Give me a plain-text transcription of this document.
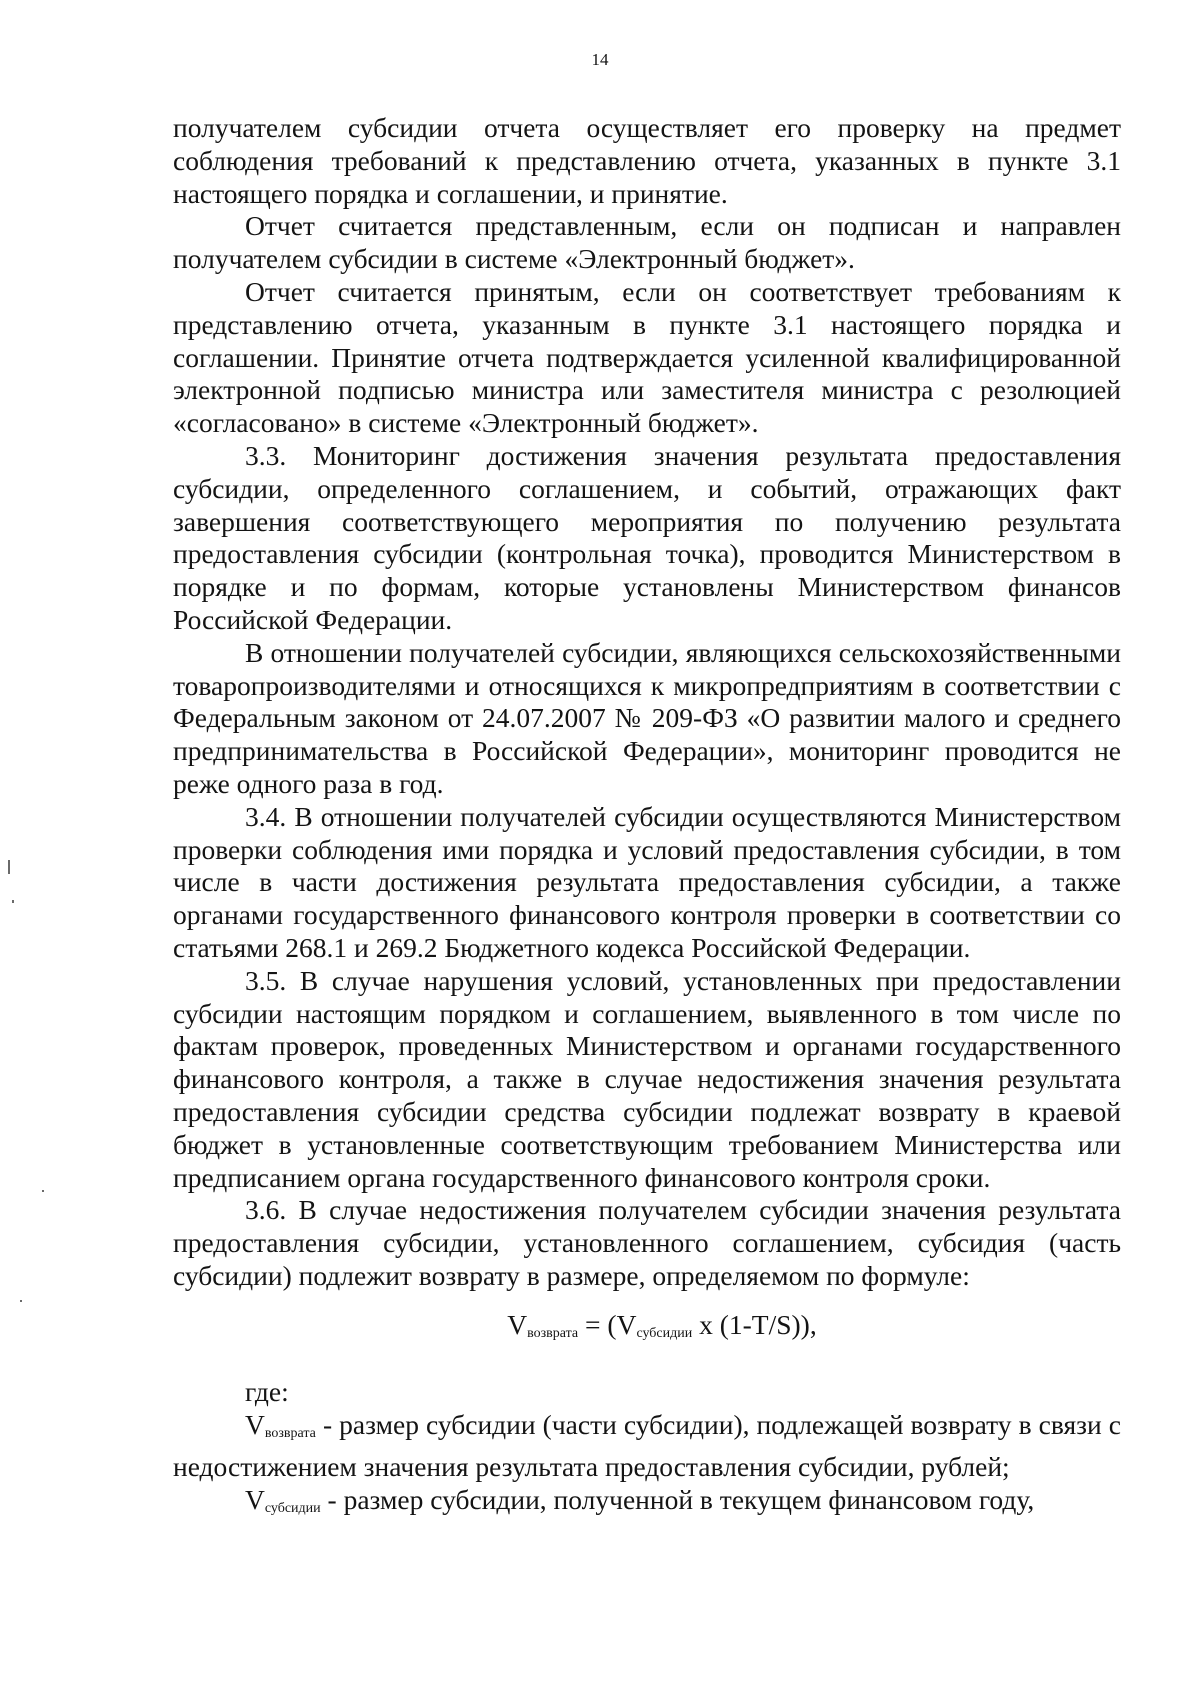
14

получателем субсидии отчета осуществляет его проверку на предмет соблюдения требований к представлению отчета, указанных в пункте 3.1 настоящего порядка и соглашении, и принятие.

Отчет считается представленным, если он подписан и направлен получателем субсидии в системе «Электронный бюджет».

Отчет считается принятым, если он соответствует требованиям к представлению отчета, указанным в пункте 3.1 настоящего порядка и соглашении. Принятие отчета подтверждается усиленной квалифицированной электронной подписью министра или заместителя министра с резолюцией «согласовано» в системе «Электронный бюджет».

3.3. Мониторинг достижения значения результата предоставления субсидии, определенного соглашением, и событий, отражающих факт завершения соответствующего мероприятия по получению результата предоставления субсидии (контрольная точка), проводится Министерством в порядке и по формам, которые установлены Министерством финансов Российской Федерации.

В отношении получателей субсидии, являющихся сельскохозяйственными товаропроизводителями и относящихся к микропредприятиям в соответствии с Федеральным законом от 24.07.2007 № 209-ФЗ «О развитии малого и среднего предпринимательства в Российской Федерации», мониторинг проводится не реже одного раза в год.

3.4. В отношении получателей субсидии осуществляются Министерством проверки соблюдения ими порядка и условий предоставления субсидии, в том числе в части достижения результата предоставления субсидии, а также органами государственного финансового контроля проверки в соответствии со статьями 268.1 и 269.2 Бюджетного кодекса Российской Федерации.

3.5. В случае нарушения условий, установленных при предоставлении субсидии настоящим порядком и соглашением, выявленного в том числе по фактам проверок, проведенных Министерством и органами государственного финансового контроля, а также в случае недостижения значения результата предоставления субсидии средства субсидии подлежат возврату в краевой бюджет в установленные соответствующим требованием Министерства или предписанием органа государственного финансового контроля сроки.

3.6. В случае недостижения получателем субсидии значения результата предоставления субсидии, установленного соглашением, субсидия (часть субсидии) подлежит возврату в размере, определяемом по формуле:

$V_{возврата} = (V_{субсидии}$ x (1-T/S)),

где:

$V_{возврата}$ - размер субсидии (части субсидии), подлежащей возврату в связи с недостижением значения результата предоставления субсидии, рублей;

$V_{субсидии}$ - размер субсидии, полученной в текущем финансовом году,
